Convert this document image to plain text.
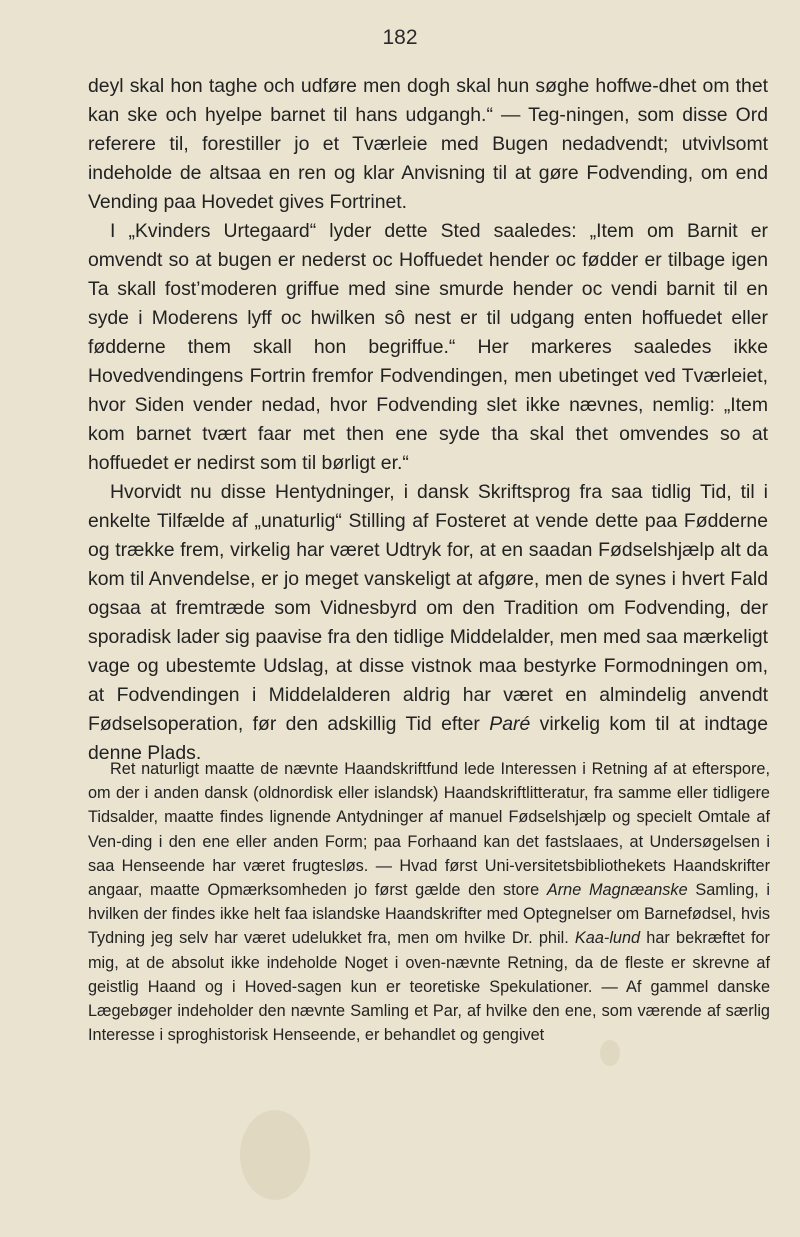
182

deyl skal hon taghe och udføre men dogh skal hun søghe hoffwe-dhet om thet kan ske och hyelpe barnet til hans udgangh.“ — Teg-ningen, som disse Ord referere til, forestiller jo et Tværleie med Bugen nedadvendt; utvivlsomt indeholde de altsaa en ren og klar Anvisning til at gøre Fodvending, om end Vending paa Hovedet gives Fortrinet.

I „Kvinders Urtegaard“ lyder dette Sted saaledes: „Item om Barnit er omvendt so at bugen er nederst oc Hoffuedet hender oc fødder er tilbage igen Ta skall fost’moderen griffue med sine smurde hender oc vendi barnit til en syde i Moderens lyff oc hwilken sô nest er til udgang enten hoffuedet eller fødderne them skall hon begriffue.“ Her markeres saaledes ikke Hovedvendingens Fortrin fremfor Fodvendingen, men ubetinget ved Tværleiet, hvor Siden vender nedad, hvor Fodvending slet ikke nævnes, nemlig: „Item kom barnet tvært faar met then ene syde tha skal thet omvendes so at hoffuedet er nedirst som til børligt er.“

Hvorvidt nu disse Hentydninger, i dansk Skriftsprog fra saa tidlig Tid, til i enkelte Tilfælde af „unaturlig“ Stilling af Fosteret at vende dette paa Fødderne og trække frem, virkelig har været Udtryk for, at en saadan Fødselshjælp alt da kom til Anvendelse, er jo meget vanskeligt at afgøre, men de synes i hvert Fald ogsaa at fremtræde som Vidnesbyrd om den Tradition om Fodvending, der sporadisk lader sig paavise fra den tidlige Middelalder, men med saa mærkeligt vage og ubestemte Udslag, at disse vistnok maa bestyrke Formodningen om, at Fodvendingen i Middelalderen aldrig har været en almindelig anvendt Fødselsoperation, før den adskillig Tid efter Paré virkelig kom til at indtage denne Plads.

Ret naturligt maatte de nævnte Haandskriftfund lede Interessen i Retning af at efterspore, om der i anden dansk (oldnordisk eller islandsk) Haandskriftlitteratur, fra samme eller tidligere Tidsalder, maatte findes lignende Antydninger af manuel Fødselshjælp og specielt Omtale af Ven-ding i den ene eller anden Form; paa Forhaand kan det fastslaaes, at Undersøgelsen i saa Henseende har været frugtesløs. — Hvad først Uni-versitetsbibliothekets Haandskrifter angaar, maatte Opmærksomheden jo først gælde den store Arne Magnæanske Samling, i hvilken der findes ikke helt faa islandske Haandskrifter med Optegnelser om Barnefødsel, hvis Tydning jeg selv har været udelukket fra, men om hvilke Dr. phil. Kaa-lund har bekræftet for mig, at de absolut ikke indeholde Noget i oven-nævnte Retning, da de fleste er skrevne af geistlig Haand og i Hoved-sagen kun er teoretiske Spekulationer. — Af gammel danske Lægebøger indeholder den nævnte Samling et Par, af hvilke den ene, som værende af særlig Interesse i sproghistorisk Henseende, er behandlet og gengivet
